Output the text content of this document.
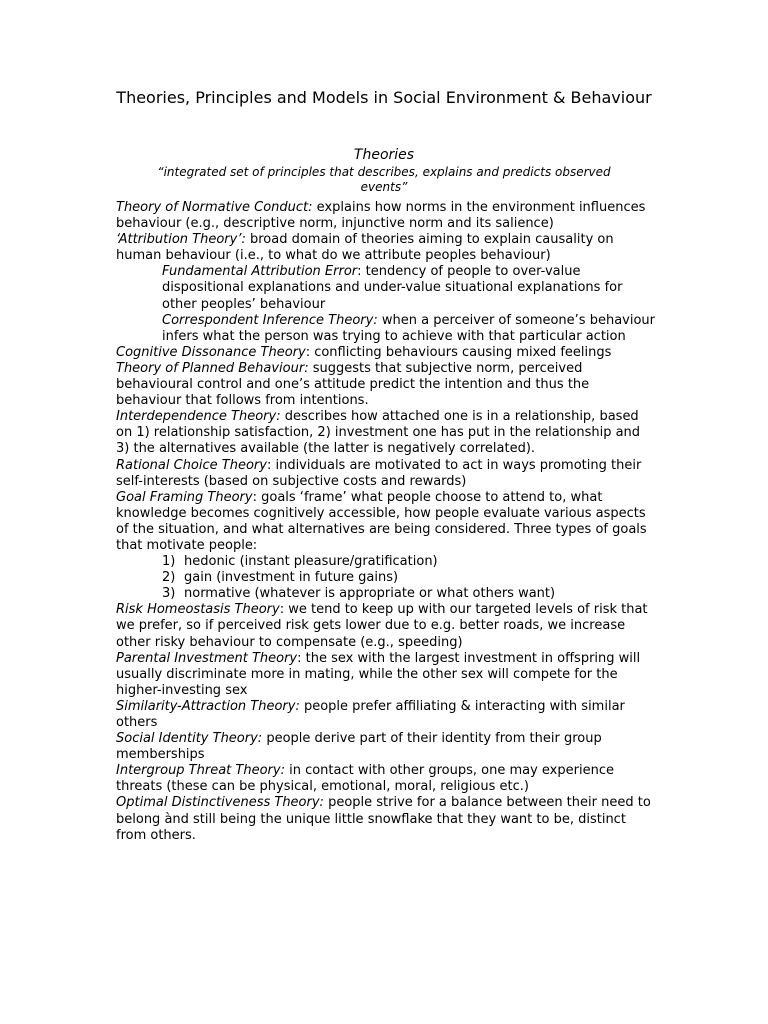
Theories, Principles and Models in Social Environment & Behaviour
Theories
“integrated set of principles that describes, explains and predicts observed events”

Theory of Normative Conduct: explains how norms in the environment influences behaviour (e.g., descriptive norm, injunctive norm and its salience)

‘Attribution Theory’: broad domain of theories aiming to explain causality on human behaviour (i.e., to what do we attribute peoples behaviour)

Fundamental Attribution Error: tendency of people to over-value dispositional explanations and under-value situational explanations for other peoples’ behaviour

Correspondent Inference Theory: when a perceiver of someone’s behaviour infers what the person was trying to achieve with that particular action

Cognitive Dissonance Theory: conflicting behaviours causing mixed feelings

Theory of Planned Behaviour: suggests that subjective norm, perceived behavioural control and one’s attitude predict the intention and thus the behaviour that follows from intentions.

Interdependence Theory: describes how attached one is in a relationship, based on 1) relationship satisfaction, 2) investment one has put in the relationship and 3) the alternatives available (the latter is negatively correlated).

Rational Choice Theory: individuals are motivated to act in ways promoting their self-interests (based on subjective costs and rewards)

Goal Framing Theory: goals ‘frame’ what people choose to attend to, what knowledge becomes cognitively accessible, how people evaluate various aspects of the situation, and what alternatives are being considered. Three types of goals that motivate people:

1) hedonic (instant pleasure/gratification)
2) gain (investment in future gains)
3) normative (whatever is appropriate or what others want)

Risk Homeostasis Theory: we tend to keep up with our targeted levels of risk that we prefer, so if perceived risk gets lower due to e.g. better roads, we increase other risky behaviour to compensate (e.g., speeding)

Parental Investment Theory: the sex with the largest investment in offspring will usually discriminate more in mating, while the other sex will compete for the higher-investing sex

Similarity-Attraction Theory: people prefer affiliating & interacting with similar others

Social Identity Theory: people derive part of their identity from their group memberships

Intergroup Threat Theory: in contact with other groups, one may experience threats (these can be physical, emotional, moral, religious etc.)

Optimal Distinctiveness Theory: people strive for a balance between their need to belong ànd still being the unique little snowflake that they want to be, distinct from others.
